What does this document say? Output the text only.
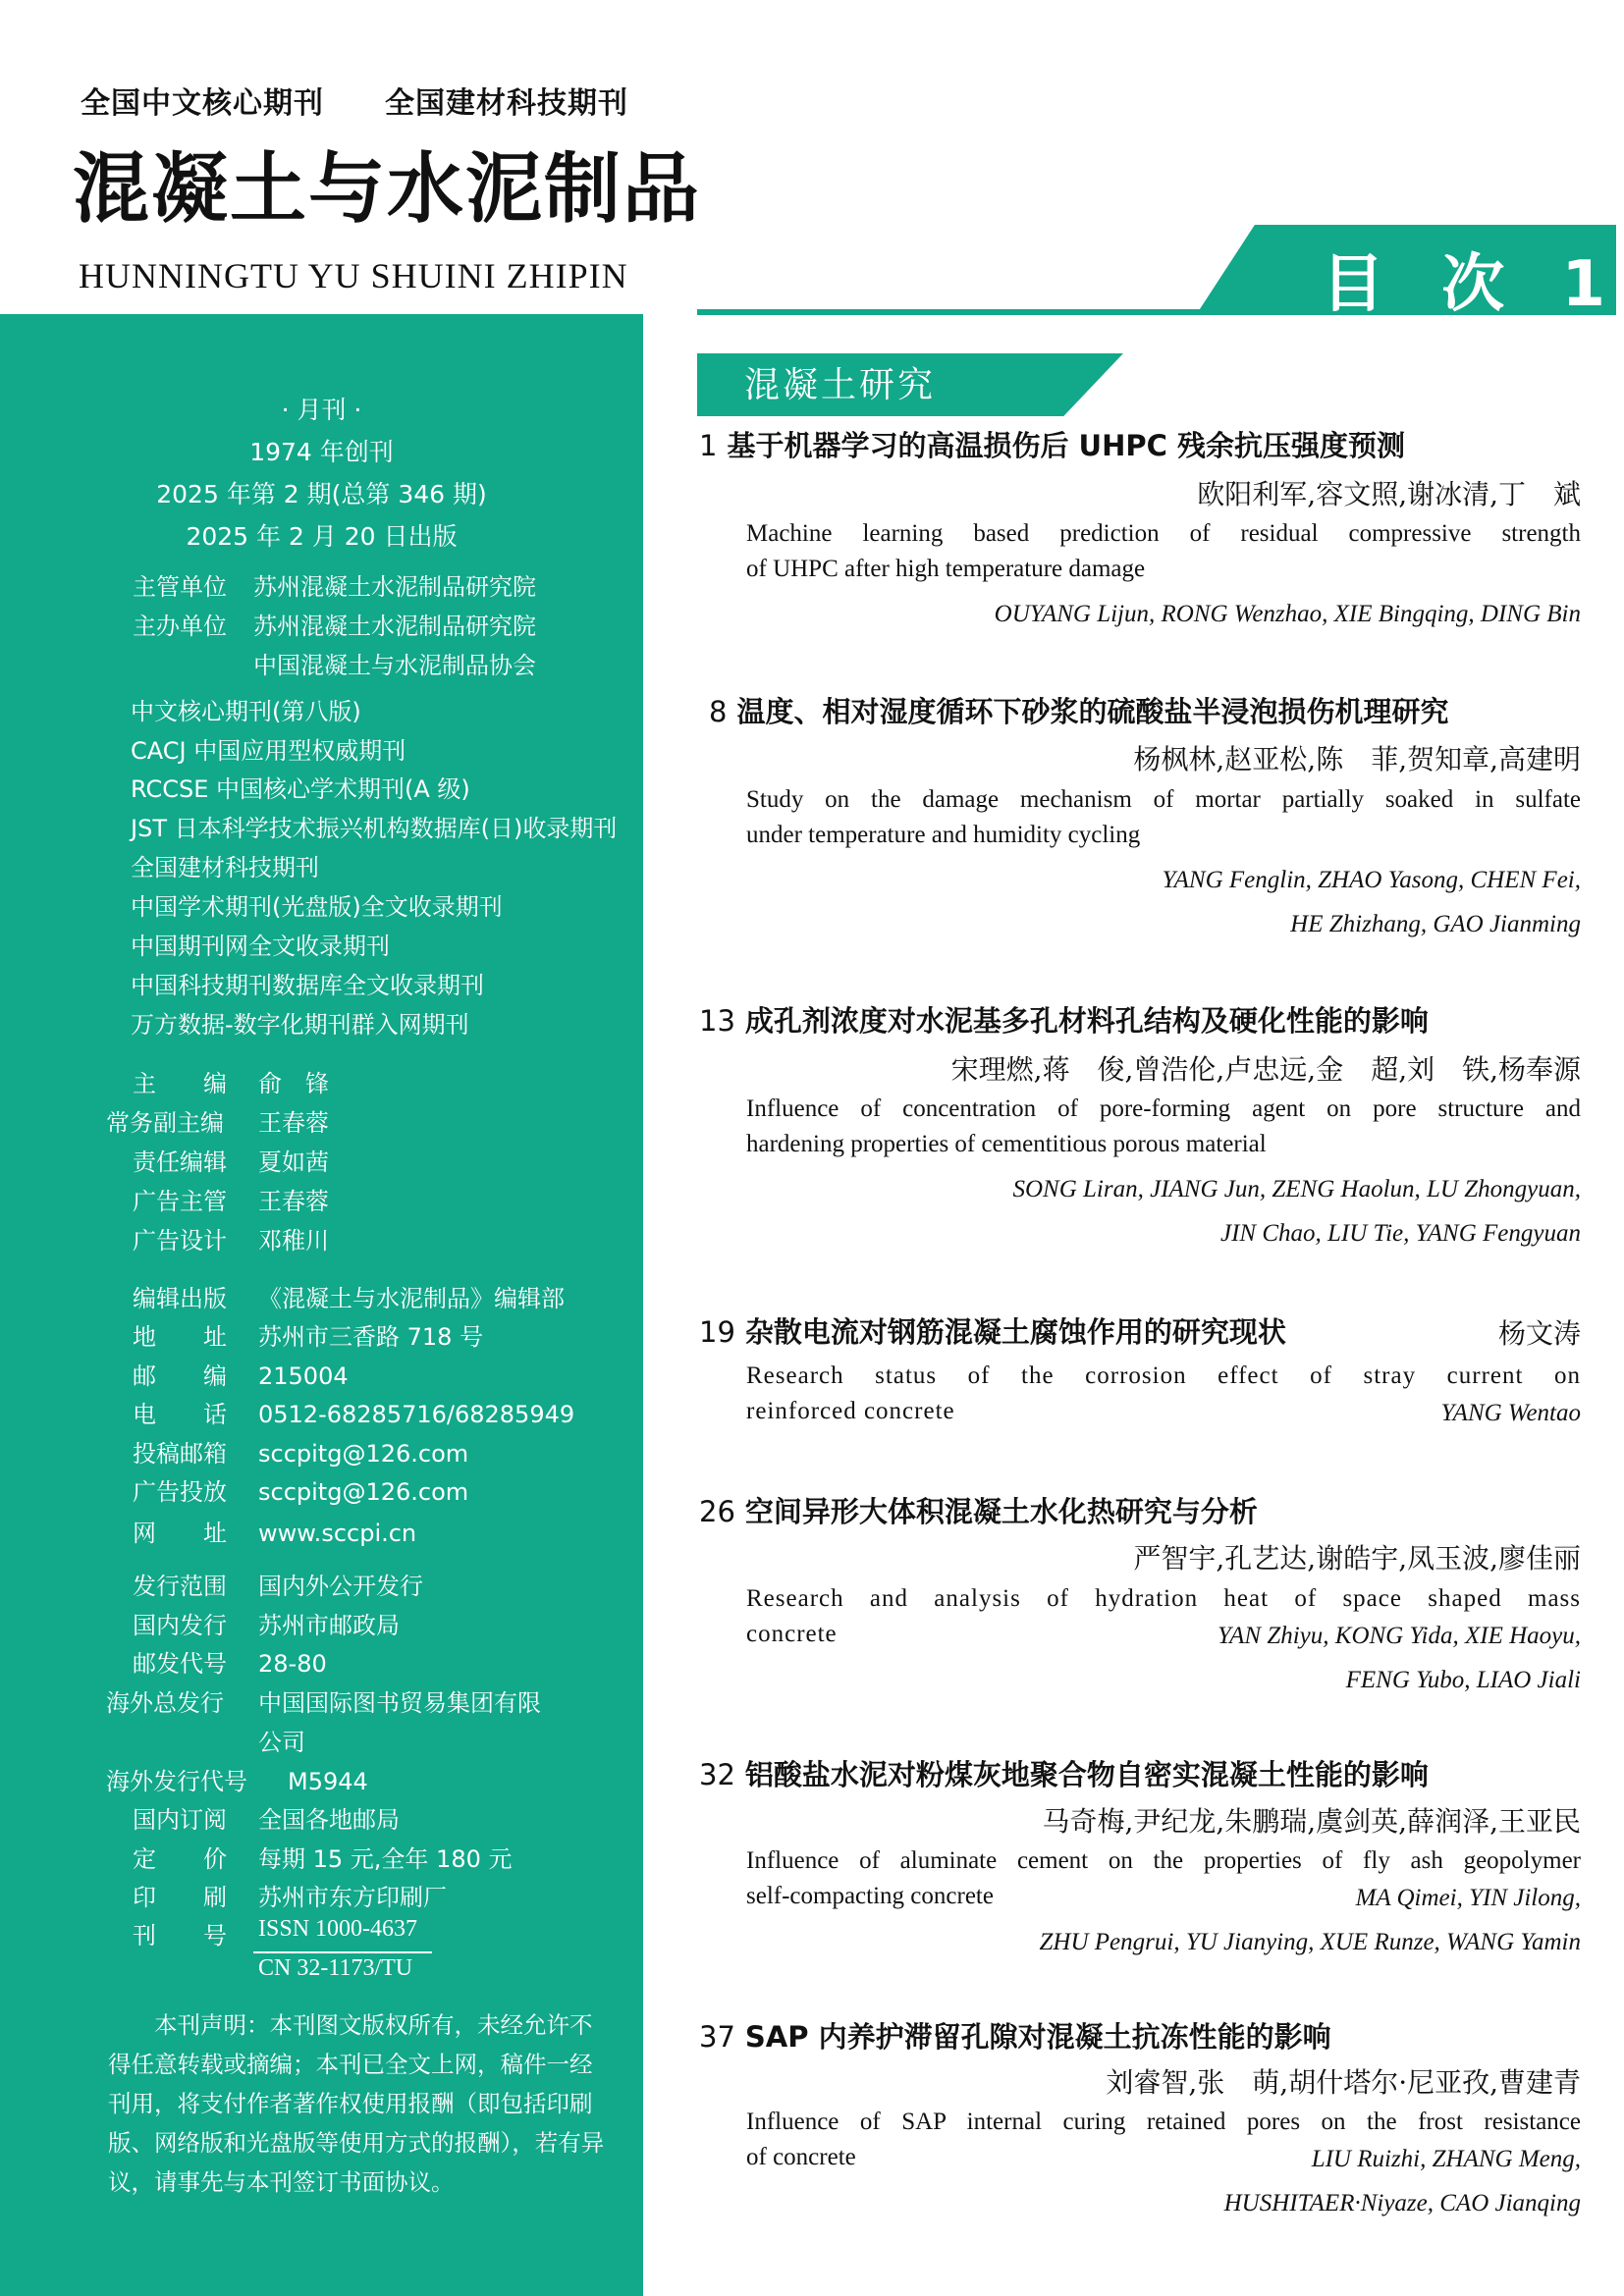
全国中文核心期刊 全国建材科技期刊
混凝土与水泥制品
HUNNINGTU YU SHUINI ZHIPIN
· 月刊 ·
1974 年创刊
2025 年第 2 期(总第 346 期)
2025 年 2 月 20 日出版
主管单位 苏州混凝土水泥制品研究院
主办单位 苏州混凝土水泥制品研究院
中国混凝土与水泥制品协会
中文核心期刊(第八版)
CACJ 中国应用型权威期刊
RCCSE 中国核心学术期刊(A 级)
JST 日本科学技术振兴机构数据库(日)收录期刊
全国建材科技期刊
中国学术期刊(光盘版)全文收录期刊
中国期刊网全文收录期刊
中国科技期刊数据库全文收录期刊
万方数据-数字化期刊群入网期刊
主　　编 俞　锋
常务副主编 王春蓉
责任编辑 夏如茜
广告主管 王春蓉
广告设计 邓稚川
编辑出版 《混凝土与水泥制品》编辑部
地　　址 苏州市三香路 718 号
邮　　编 215004
电　　话 0512-68285716/68285949
投稿邮箱 sccpitg@126.com
广告投放 sccpitg@126.com
网　　址 www.sccpi.cn
发行范围 国内外公开发行
国内发行 苏州市邮政局
邮发代号 28-80
海外总发行 中国国际图书贸易集团有限
公司
海外发行代号 M5944
国内订阅 全国各地邮局
定　　价 每期 15 元,全年 180 元
印　　刷 苏州市东方印刷厂
刊　　号 ISSN 1000-4637
CN 32-1173/TU
本刊声明：本刊图文版权所有，未经允许不得任意转载或摘编；本刊已全文上网，稿件一经刊用，将支付作者著作权使用报酬（即包括印刷版、网络版和光盘版等使用方式的报酬），若有异议，请事先与本刊签订书面协议。
目 次 1
混凝土研究
1 基于机器学习的高温损伤后 UHPC 残余抗压强度预测
欧阳利军,容文照,谢冰清,丁　斌
Machine learning based prediction of residual compressive strength
of UHPC after high temperature damage
OUYANG Lijun, RONG Wenzhao, XIE Bingqing, DING Bin
8 温度、相对湿度循环下砂浆的硫酸盐半浸泡损伤机理研究
杨枫林,赵亚松,陈　菲,贺知章,高建明
Study on the damage mechanism of mortar partially soaked in sulfate
under temperature and humidity cycling
YANG Fenglin, ZHAO Yasong, CHEN Fei,
HE Zhizhang, GAO Jianming
13 成孔剂浓度对水泥基多孔材料孔结构及硬化性能的影响
宋理燃,蒋　俊,曾浩伦,卢忠远,金　超,刘　铁,杨奉源
Influence of concentration of pore-forming agent on pore structure and
hardening properties of cementitious porous material
SONG Liran, JIANG Jun, ZENG Haolun, LU Zhongyuan,
JIN Chao, LIU Tie, YANG Fengyuan
19 杂散电流对钢筋混凝土腐蚀作用的研究现状	杨文涛
Research status of the corrosion effect of stray current on
reinforced concrete	YANG Wentao
26 空间异形大体积混凝土水化热研究与分析
严智宇,孔艺达,谢皓宇,凤玉波,廖佳丽
Research and analysis of hydration heat of space shaped mass
concrete	YAN Zhiyu, KONG Yida, XIE Haoyu,
FENG Yubo, LIAO Jiali
32 铝酸盐水泥对粉煤灰地聚合物自密实混凝土性能的影响
马奇梅,尹纪龙,朱鹏瑞,虞剑英,薛润泽,王亚民
Influence of aluminate cement on the properties of fly ash geopolymer
self-compacting concrete	MA Qimei, YIN Jilong,
ZHU Pengrui, YU Jianying, XUE Runze, WANG Yamin
37 SAP 内养护滞留孔隙对混凝土抗冻性能的影响
刘睿智,张　萌,胡什塔尔·尼亚孜,曹建青
Influence of SAP internal curing retained pores on the frost resistance
of concrete	LIU Ruizhi, ZHANG Meng,
HUSHITAER·Niyaze, CAO Jianqing
